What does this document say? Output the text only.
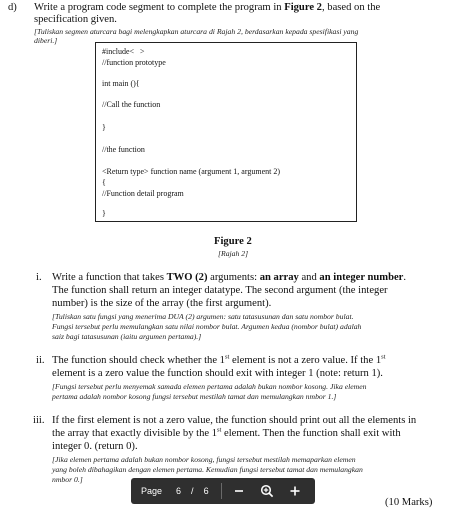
d) Write a program code segment to complete the program in Figure 2, based on the
specification given.
[Tuliskan segmen aturcara bagi melengkapkan aturcara di Rajah 2, berdasarkan kepada spesifikasi yang
diberi.]
#include<   >
//function prototype
int main (){
//Call the function
}
//the function
<Return type> function name (argument 1, argument 2)
{
//Function detail program
}
Figure 2
[Rajah 2]
i. Write a function that takes TWO (2) arguments: an array and an integer number.
The function shall return an integer datatype. The second argument (the integer
number) is the size of the array (the first argument).
[Tuliskan satu fungsi yang menerima DUA (2) argumen: satu tatasusunan dan satu nombor bulat.
Fungsi tersebut perlu memulangkan satu nilai nombor bulat. Argumen kedua (nombor bulat) adalah
saiz bagi tatasusunan (iaitu argumen pertama).]
ii. The function should check whether the 1st element is not a zero value. If the 1st
element is a zero value the function should exit with integer 1 (note: return 1).
[Fungsi tersebut perlu menyemak samada elemen pertama adalah bukan nombor kosong. Jika elemen
pertama adalah nombor kosong fungsi tersebut mestilah tamat dan memulangkan nmbor 1.]
iii. If the first element is not a zero value, the function should print out all the elements in
the array that exactly divisible by the 1st element. Then the function shall exit with
integer 0. (return 0).
[Jika elemen pertama adalah bukan nombor kosong, fungsi tersebut mestilah memaparkan elemen
yang boleh dibahagikan dengan elemen pertama. Kemudian fungsi tersebut tamat dan memulangkan
nmbor 0.]
(10 Marks)
Page 6 / 6
